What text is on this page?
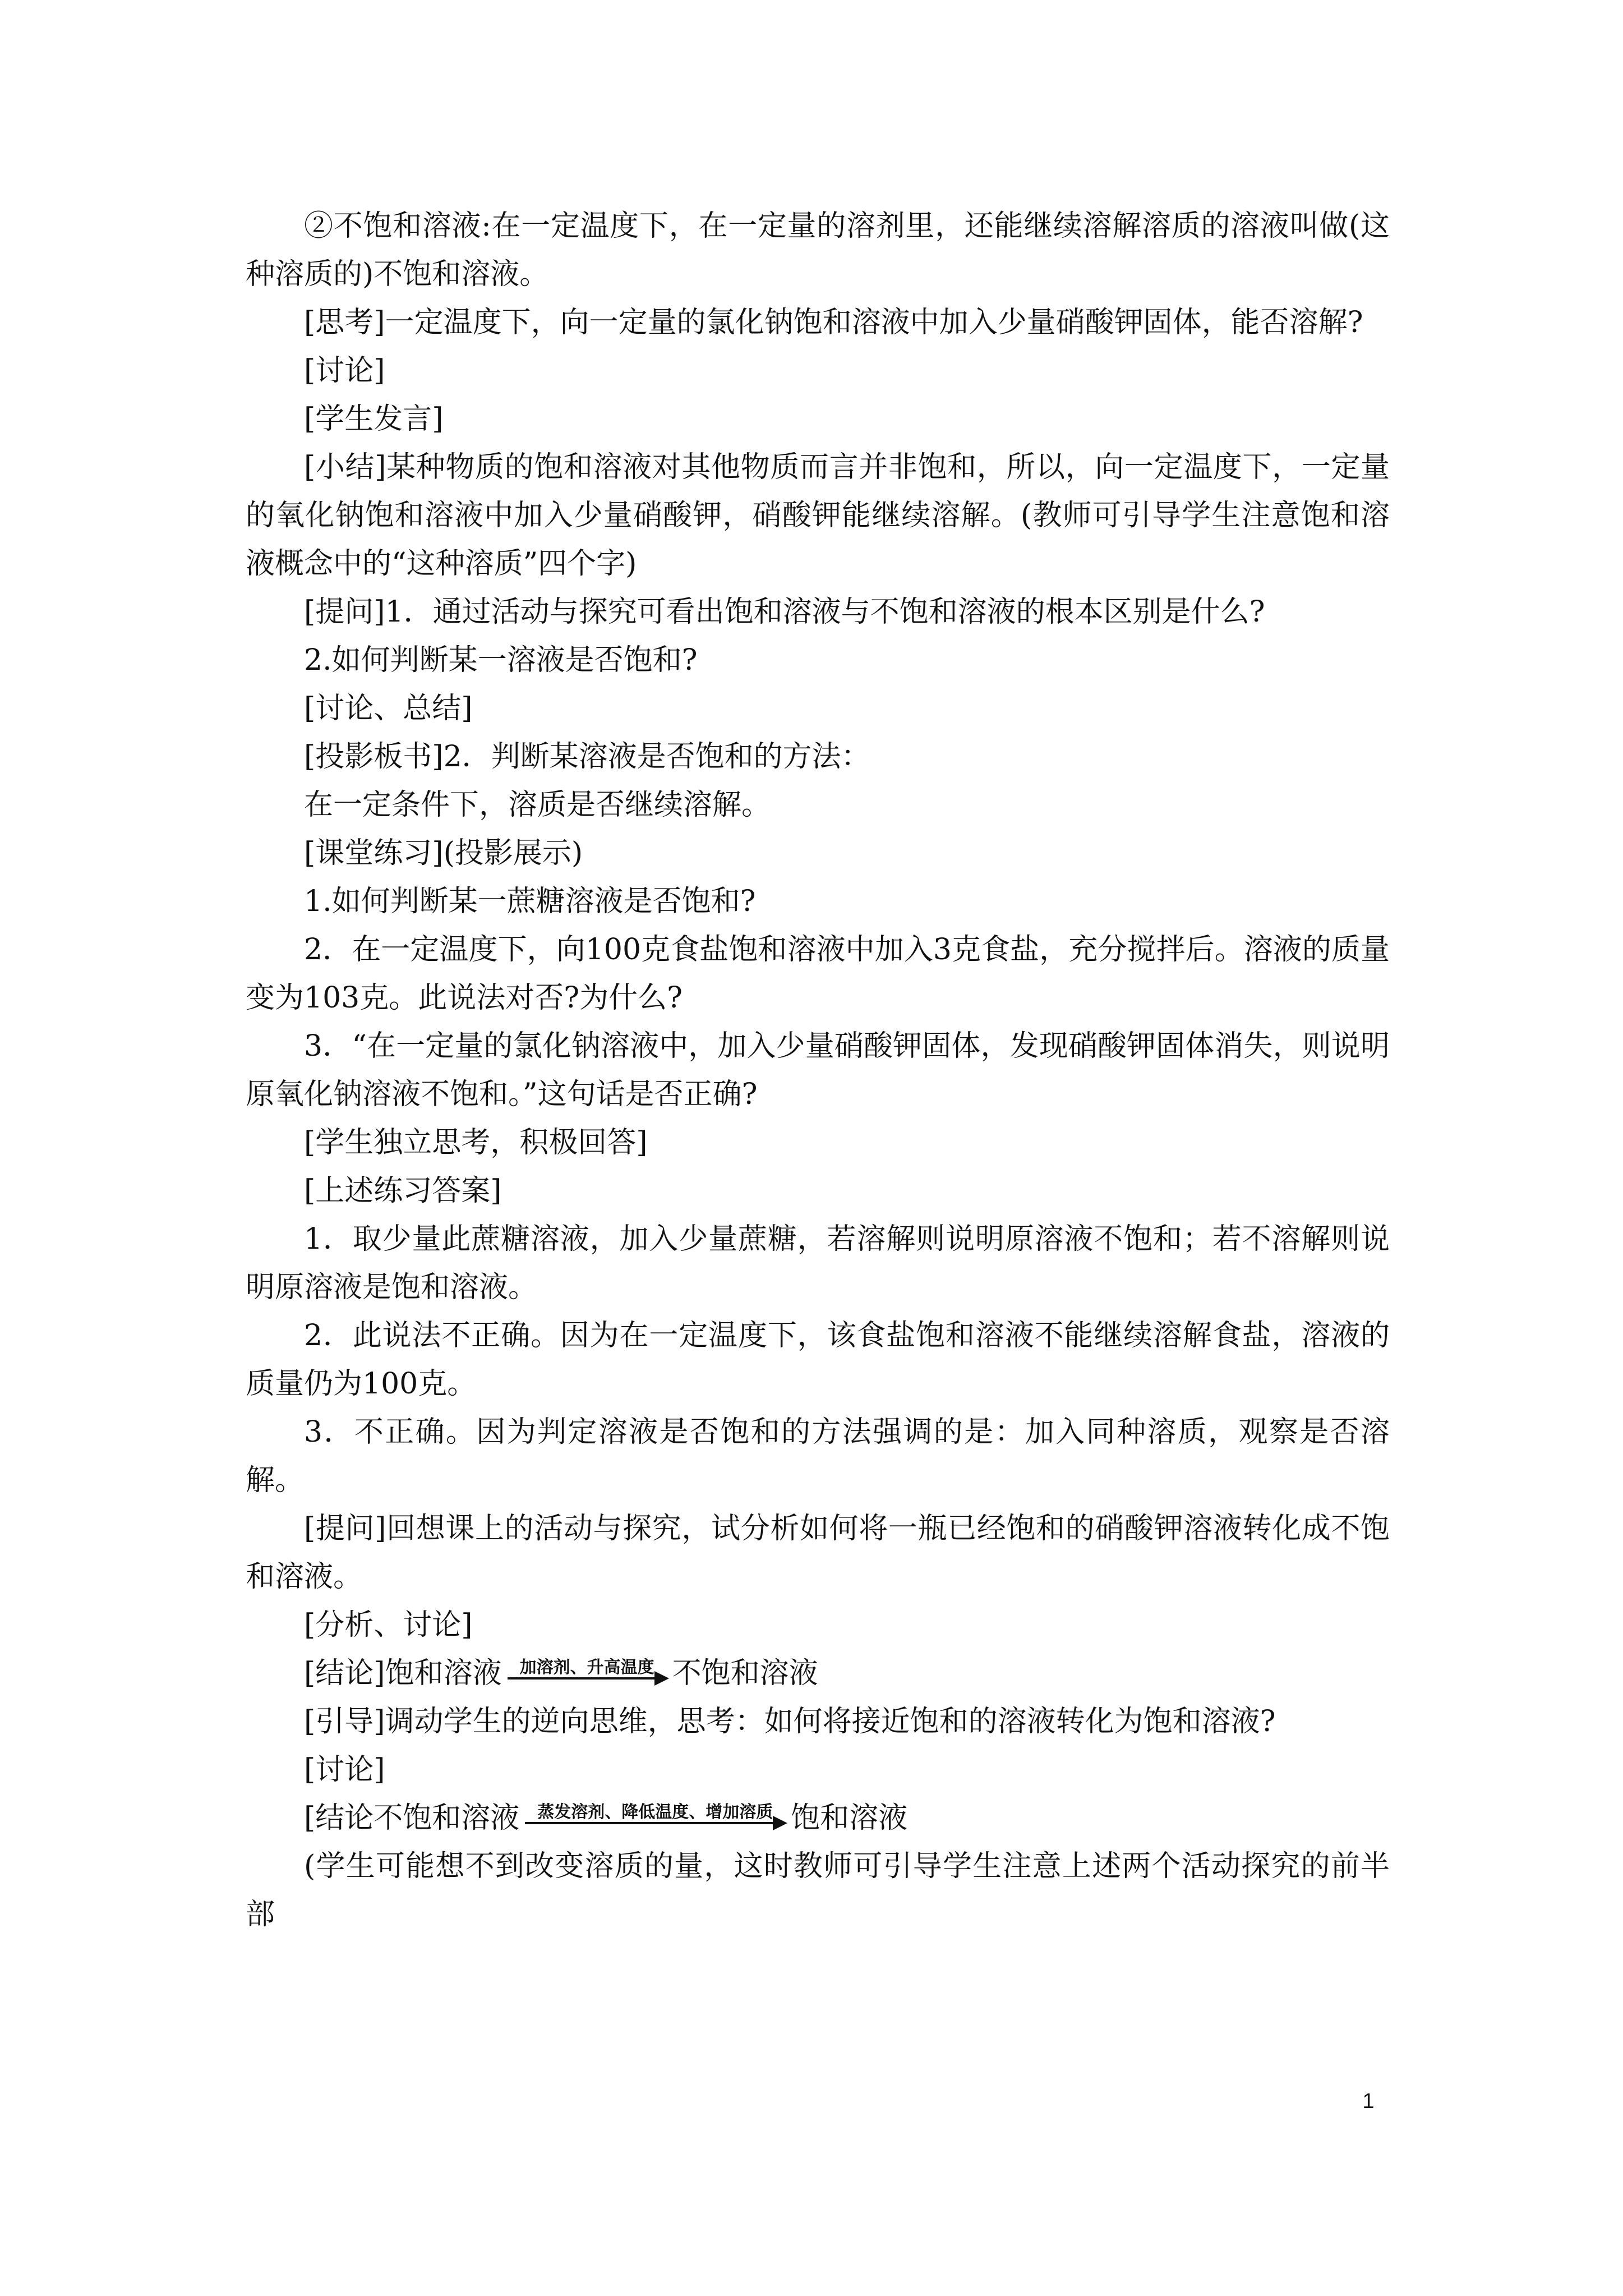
②不饱和溶液:在一定温度下，在一定量的溶剂里，还能继续溶解溶质的溶液叫做(这种溶质的)不饱和溶液。

[思考]一定温度下，向一定量的氯化钠饱和溶液中加入少量硝酸钾固体，能否溶解?

[讨论]

[学生发言]

[小结]某种物质的饱和溶液对其他物质而言并非饱和，所以，向一定温度下，一定量的氧化钠饱和溶液中加入少量硝酸钾，硝酸钾能继续溶解。(教师可引导学生注意饱和溶液概念中的“这种溶质”四个字)

[提问]1．通过活动与探究可看出饱和溶液与不饱和溶液的根本区别是什么?

2.如何判断某一溶液是否饱和?

[讨论、总结]

[投影板书]2．判断某溶液是否饱和的方法：

在一定条件下，溶质是否继续溶解。

[课堂练习](投影展示)

1.如何判断某一蔗糖溶液是否饱和?

2．在一定温度下，向100克食盐饱和溶液中加入3克食盐，充分搅拌后。溶液的质量变为103克。此说法对否?为什么?

3．“在一定量的氯化钠溶液中，加入少量硝酸钾固体，发现硝酸钾固体消失，则说明原氧化钠溶液不饱和。”这句话是否正确?

[学生独立思考，积极回答]

[上述练习答案]

1．取少量此蔗糖溶液，加入少量蔗糖，若溶解则说明原溶液不饱和；若不溶解则说明原溶液是饱和溶液。

2．此说法不正确。因为在一定温度下，该食盐饱和溶液不能继续溶解食盐，溶液的质量仍为100克。

3．不正确。因为判定溶液是否饱和的方法强调的是：加入同种溶质，观察是否溶解。

[提问]回想课上的活动与探究，试分析如何将一瓶已经饱和的硝酸钾溶液转化成不饱和溶液。

[分析、讨论]

[结论]饱和溶液	加溶剂、升高温度 不饱和溶液

[引导]调动学生的逆向思维，思考：如何将接近饱和的溶液转化为饱和溶液?

[讨论]

[结论不饱和溶液	蒸发溶剂、降低温度、增加溶质 饱和溶液

(学生可能想不到改变溶质的量，这时教师可引导学生注意上述两个活动探究的前半部

1
